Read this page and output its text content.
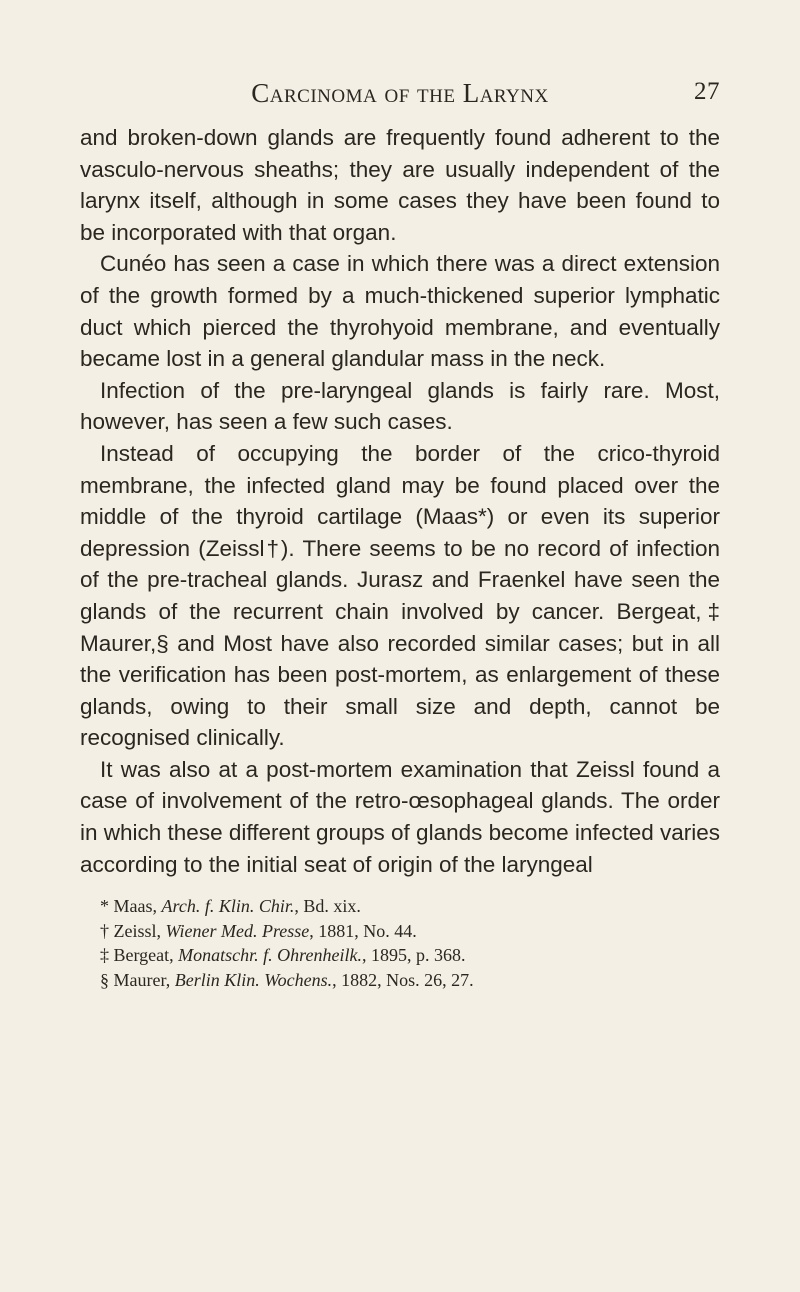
Carcinoma of the Larynx	27

and broken-down glands are frequently found adherent to the vasculo-nervous sheaths; they are usually independent of the larynx itself, although in some cases they have been found to be incorporated with that organ.

Cunéo has seen a case in which there was a direct extension of the growth formed by a much-thickened superior lymphatic duct which pierced the thyrohyoid membrane, and eventually became lost in a general glandular mass in the neck.

Infection of the pre-laryngeal glands is fairly rare. Most, however, has seen a few such cases.

Instead of occupying the border of the crico-thyroid membrane, the infected gland may be found placed over the middle of the thyroid cartilage (Maas*) or even its superior depression (Zeissl†). There seems to be no record of infection of the pre-tracheal glands. Jurasz and Fraenkel have seen the glands of the recurrent chain involved by cancer. Bergeat,‡ Maurer,§ and Most have also recorded similar cases; but in all the verification has been post-mortem, as enlargement of these glands, owing to their small size and depth, cannot be recognised clinically.

It was also at a post-mortem examination that Zeissl found a case of involvement of the retro-œsophageal glands. The order in which these different groups of glands become infected varies according to the initial seat of origin of the laryngeal

* Maas, Arch. f. Klin. Chir., Bd. xix.
† Zeissl, Wiener Med. Presse, 1881, No. 44.
‡ Bergeat, Monatschr. f. Ohrenheilk., 1895, p. 368.
§ Maurer, Berlin Klin. Wochens., 1882, Nos. 26, 27.
